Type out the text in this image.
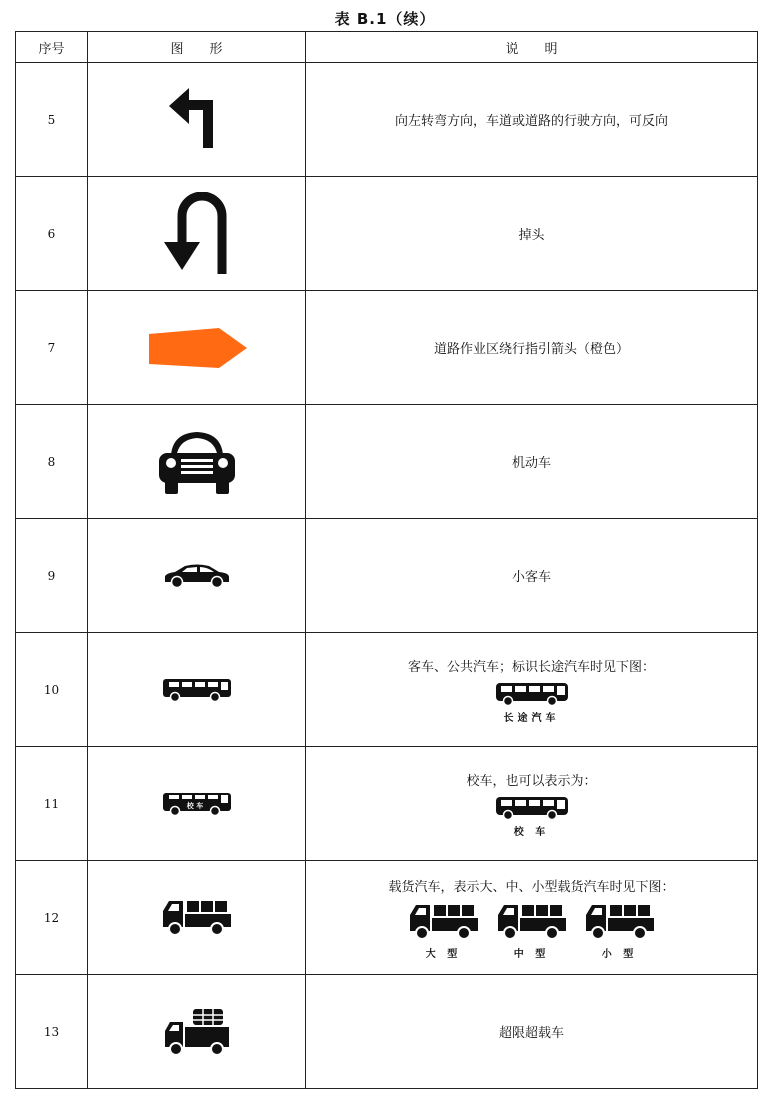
表 B.1（续）
序号	图　　形	说　　明
5		向左转弯方向，车道或道路的行驶方向，可反向
6		掉头
7		道路作业区绕行指引箭头（橙色）
8		机动车
9		小客车
10		客车、公共汽车；标识长途汽车时见下图：
长途汽车

11	校 车	校车，也可以表示为：
校 车

12		载货汽车，表示大、中、小型载货汽车时见下图：
大 型 中 型 小 型

13		超限超载车
